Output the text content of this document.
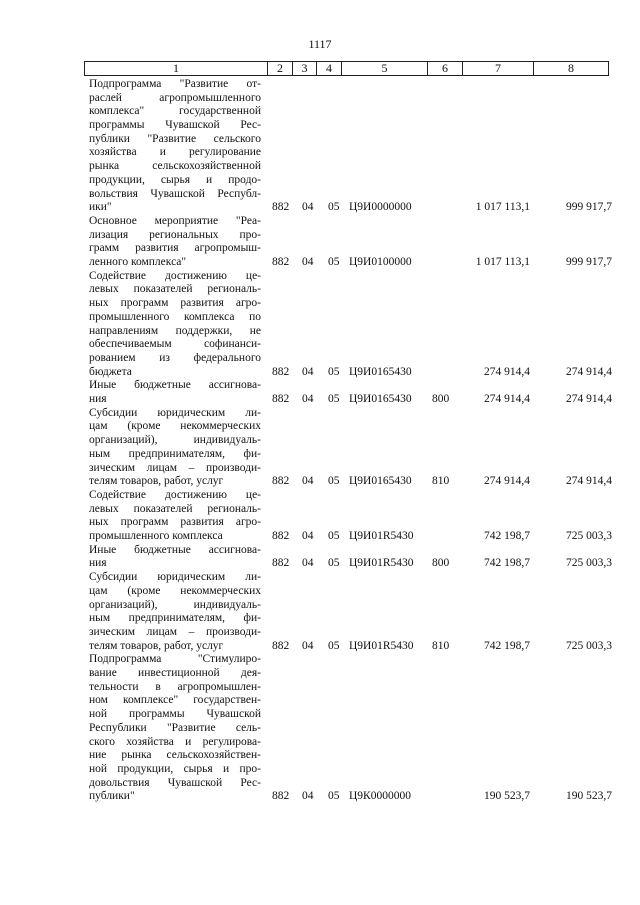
1117
1	2	3	4	5	6	7	8
Подпрограмма "Развитие от-
раслей агропромышленного
комплекса" государственной
программы Чувашской Рес-
публики "Развитие сельского
хозяйства и регулирование
рынка сельскохозяйственной
продукции, сырья и продо-
вольствия Чувашской Республ-
ики"	882 04 05 Ц9И0000000	1 017 113,1	999 917,7
Основное мероприятие "Реа-
лизация региональных про-
грамм развития агропромыш-
ленного комплекса"	882 04 05 Ц9И0100000	1 017 113,1	999 917,7
Содействие достижению це-
левых показателей региональ-
ных программ развития агро-
промышленного комплекса по
направлениям поддержки, не
обеспечиваемым софинанси-
рованием из федерального
бюджета	882 04 05 Ц9И0165430	274 914,4	274 914,4
Иные бюджетные ассигнова-
ния	882 04 05 Ц9И0165430 800	274 914,4	274 914,4
Субсидии юридическим ли-
цам (кроме некоммерческих
организаций), индивидуаль-
ным предпринимателям, фи-
зическим лицам – производи-
телям товаров, работ, услуг	882 04 05 Ц9И0165430 810	274 914,4	274 914,4
Содействие достижению це-
левых показателей региональ-
ных программ развития агро-
промышленного комплекса	882 04 05 Ц9И01R5430	742 198,7	725 003,3
Иные бюджетные ассигнова-
ния	882 04 05 Ц9И01R5430 800	742 198,7	725 003,3
Субсидии юридическим ли-
цам (кроме некоммерческих
организаций), индивидуаль-
ным предпринимателям, фи-
зическим лицам – производи-
телям товаров, работ, услуг	882 04 05 Ц9И01R5430 810	742 198,7	725 003,3
Подпрограмма "Стимулиро-
вание инвестиционной дея-
тельности в агропромышлен-
ном комплексе" государствен-
ной программы Чувашской
Республики "Развитие сель-
ского хозяйства и регулирова-
ние рынка сельскохозяйствен-
ной продукции, сырья и про-
довольствия Чувашской Рес-
публики"	882 04 05 Ц9К0000000	190 523,7	190 523,7
